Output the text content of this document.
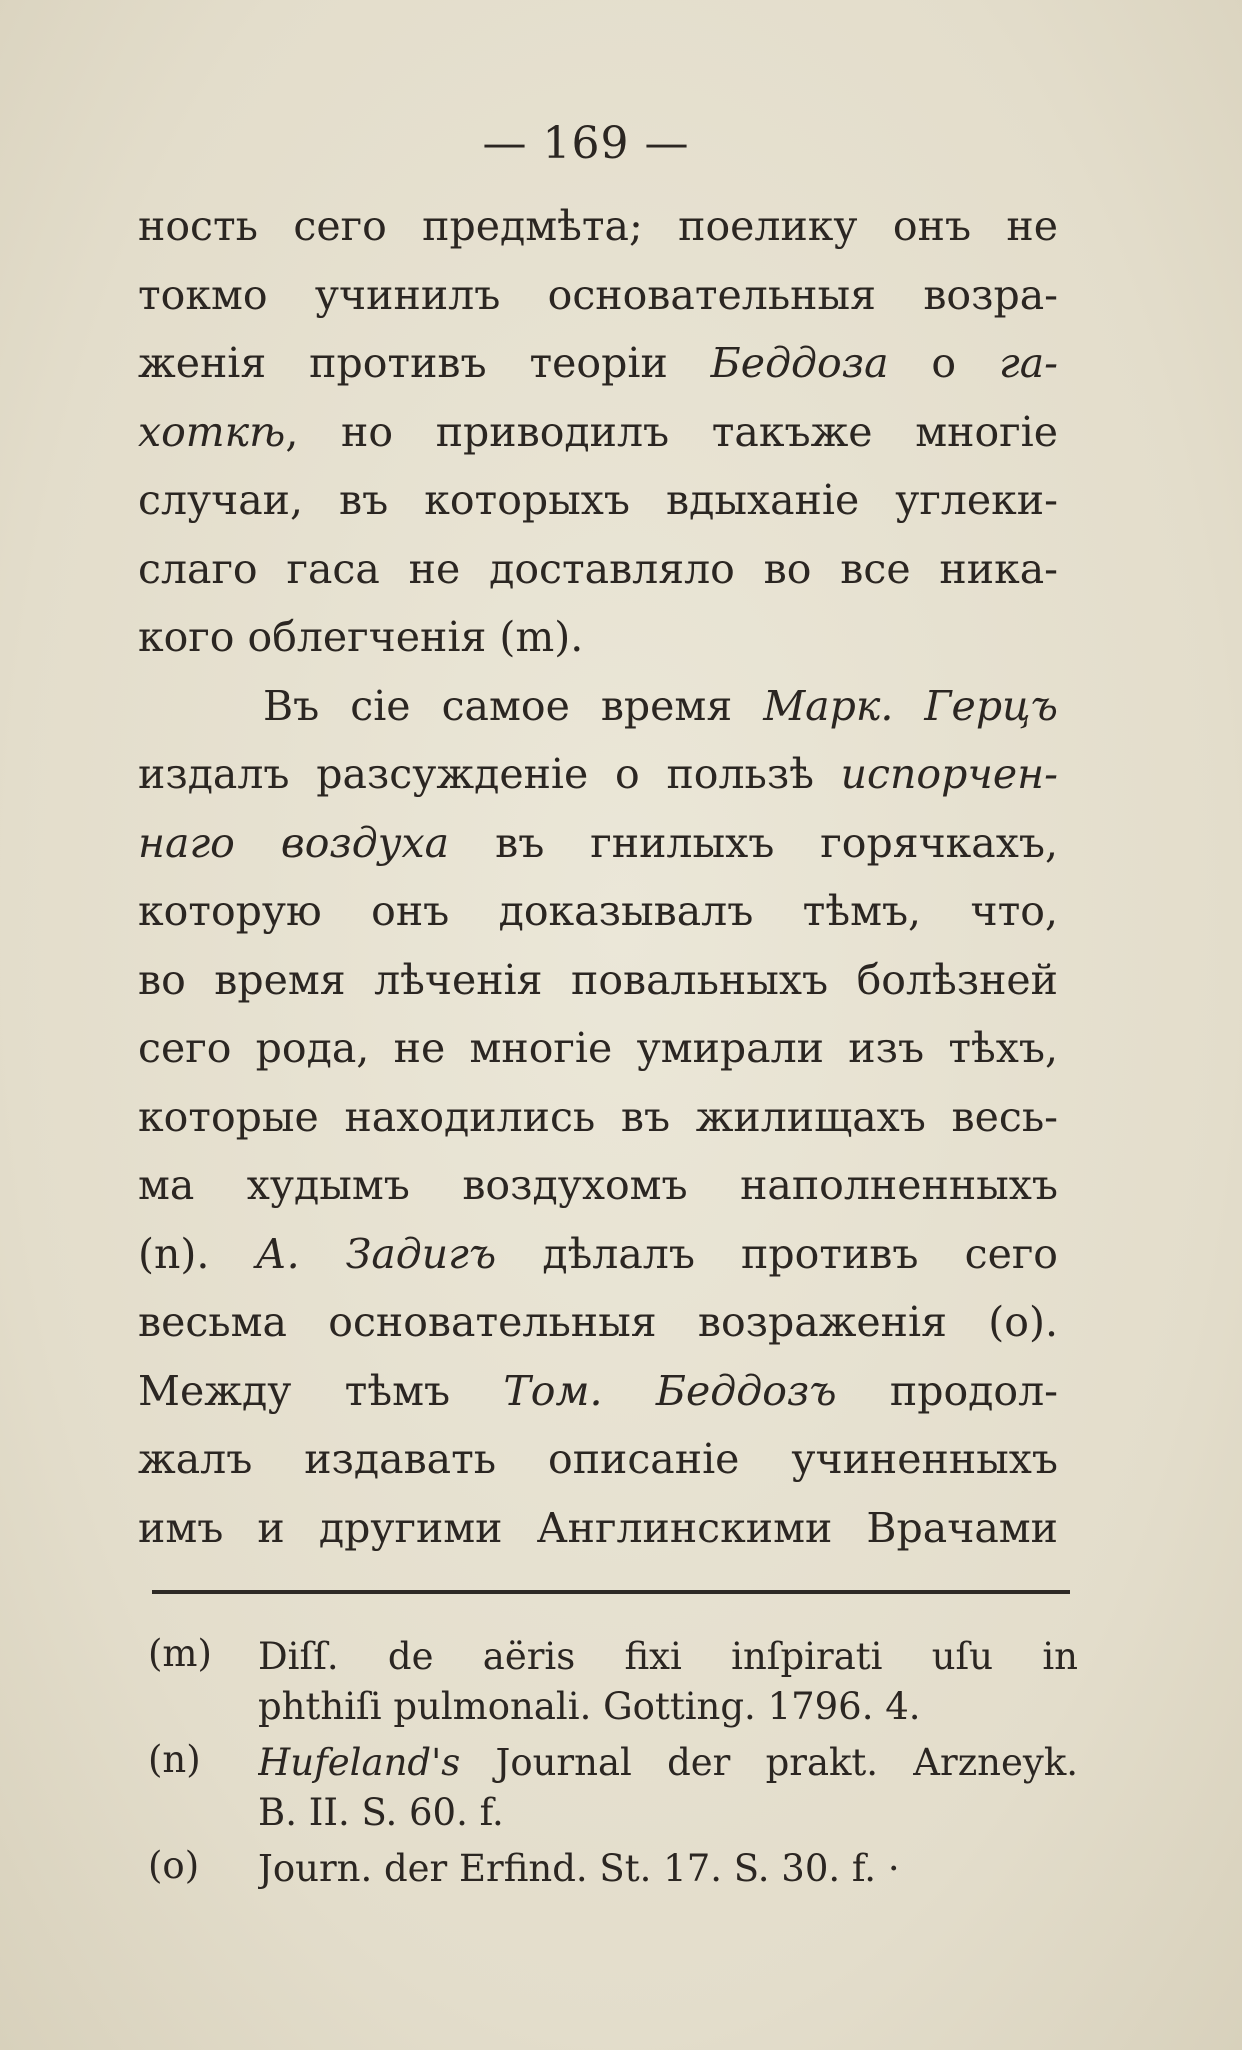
— 169 —
ность сего предмѣта; поелику онъ не
токмо учинилъ основательныя возра-
женія противъ теоріи Беддоза о га-
хоткѣ, но приводилъ такъже многіе
случаи, въ которыхъ вдыханіе углеки-
слаго гаса не доставляло во все ника-
кого облегченія (m).
Въ сіе самое время Марк. Герцъ
издалъ разсужденіе о пользѣ испорчен-
наго воздуха въ гнилыхъ горячкахъ,
которую онъ доказывалъ тѣмъ, что,
во время лѣченія повальныхъ болѣзней
сего рода, не многіе умирали изъ тѣхъ,
которые находились въ жилищахъ весь-
ма худымъ воздухомъ наполненныхъ
(n). А. Задигъ дѣлалъ противъ сего
весьма основательныя возраженія (o).
Между тѣмъ Том. Беддозъ продол-
жалъ издавать описаніе учиненныхъ
имъ и другими Англинскими Врачами
(m)	Diſſ. de aëris fixi inſpirati uſu in
phthiſi pulmonali. Gotting. 1796. 4.
(n)	Hufeland's Journal der prakt. Arzneyk.
B. II. S. 60. f.
(o)	Journ. der Erfind. St. 17. S. 30. f. ·
